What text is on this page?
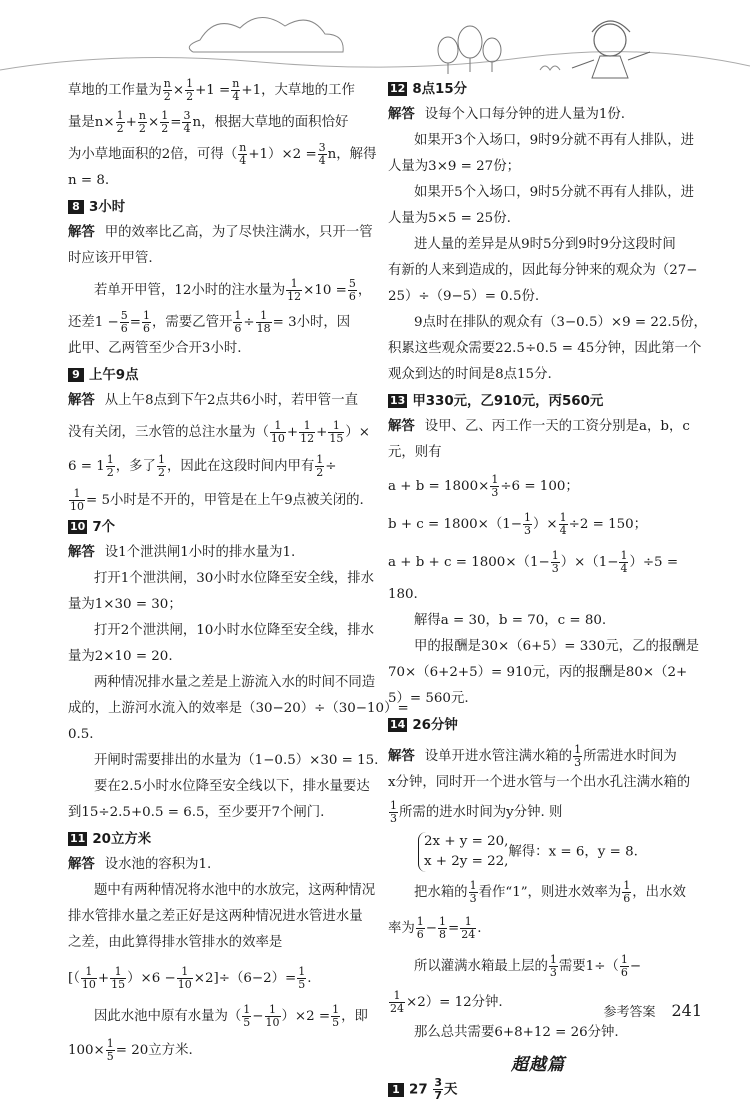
草地的工作量为 $\frac{n}{2} \times \frac{1}{2} +1 = \frac{n}{4} +1$，大草地的工作
量是$n\times \frac{1}{2} + \frac{n}{2} \times \frac{1}{2} = \frac{3}{4}$ n，根据大草地的面积恰好
为小草地面积的2倍，可得（ $\frac{n}{4} +1)\times 2 = \frac{3}{4}$ n，解得
n = 8.
8 3小时
解答 甲的效率比乙高，为了尽快注满水，只开一管
时应该开甲管.
若单开甲管，12小时的注水量为 $\frac{1}{12} \times 10 = \frac{5}{6}$ ，
还差$1 - \frac{5}{6} = \frac{1}{6}$ ，需要乙管开 $\frac{1}{6} \div \frac{1}{18} = 3$小时，因
此甲、乙两管至少合开3小时.
9 上午9点
解答 从上午8点到下午2点共6小时，若甲管一直
没有关闭，三水管的总注水量为（ $\frac{1}{10} + \frac{1}{12} + \frac{1}{15}$ ）×
$6 = 1 \frac{1}{2}$ ，多了 $\frac{1}{2}$ ，因此在这段时间内甲有 $\frac{1}{2}$ ÷
$\frac{1}{10} = 5$小时是不开的，甲管是在上午9点被关闭的.
10 7个
解答 设1个泄洪闸1小时的排水量为1.
打开1个泄洪闸，30小时水位降至安全线，排水
量为1×30 = 30；
打开2个泄洪闸，10小时水位降至安全线，排水
量为2×10 = 20.
两种情况排水量之差是上游流入水的时间不同造
成的，上游河水流入的效率是（30−20）÷（30−10）=
0.5.
开闸时需要排出的水量为（1−0.5）×30 = 15.
要在2.5小时水位降至安全线以下，排水量要达
到15÷2.5+0.5 = 6.5，至少要开7个闸门.
11 20立方米
解答 设水池的容积为1.
题中有两种情况将水池中的水放完，这两种情况
排水管排水量之差正好是这两种情况进水管进水量
之差，由此算得排水管排水的效率是
[（ $\frac{1}{10} + \frac{1}{15} )\times 6 - \frac{1}{10} \times 2]\div(6-2)= \frac{1}{5}$ .
因此水池中原有水量为（ $\frac{1}{5} - \frac{1}{10} )\times 2 = \frac{1}{5}$ ，即
$100\times \frac{1}{5} = 20$立方米.
12 8点15分
解答 设每个入口每分钟的进人量为1份.
如果开3个入场口，9时9分就不再有人排队，进
人量为3×9 = 27份；
如果开5个入场口，9时5分就不再有人排队，进
人量为5×5 = 25份.
进人量的差异是从9时5分到9时9分这段时间
有新的人来到造成的，因此每分钟来的观众为（27−
25）÷（9−5）= 0.5份.
9点时在排队的观众有（3−0.5）×9 = 22.5份，
积累这些观众需要22.5÷0.5 = 45分钟，因此第一个
观众到达的时间是8点15分.
13 甲330元，乙910元，丙560元
解答 设甲、乙、丙工作一天的工资分别是a，b，c
元，则有
$a + b = 1800\times \frac{1}{3} \div 6 = 100$；
$b + c = 1800\times(1- \frac{1}{3}$ ）× $\frac{1}{4} \div 2 = 150$；
$a + b + c = 1800\times(1- \frac{1}{3} )\times(1- \frac{1}{4} )\div 5$ =
180.
解得a = 30，b = 70，c = 80.
甲的报酬是30×（6+5）= 330元，乙的报酬是
70×（6+2+5）= 910元，丙的报酬是80×（2+
5）= 560元.
14 26分钟
解答 设单开进水管注满水箱的 $\frac{1}{3}$ 所需进水时间为
x分钟，同时开一个进水管与一个出水孔注满水箱的
$\frac{1}{3}$ 所需的进水时间为y分钟. 则
2x + y = 20,
x + 2y = 22,
解得：x = 6，y = 8.
把水箱的 $\frac{1}{3}$ 看作“1”，则进水效率为 $\frac{1}{6}$ ，出水效
率为 $\frac{1}{6} - \frac{1}{8} = \frac{1}{24}$ .
所以灌满水箱最上层的 $\frac{1}{3}$ 需要$1\div( \frac{1}{6}$ −
$\frac{1}{24} \times 2)= 12$分钟.
那么总共需要6+8+12 = 26分钟.
超越篇
1 $27 \frac{3}{7}$ 天
参考答案 241
